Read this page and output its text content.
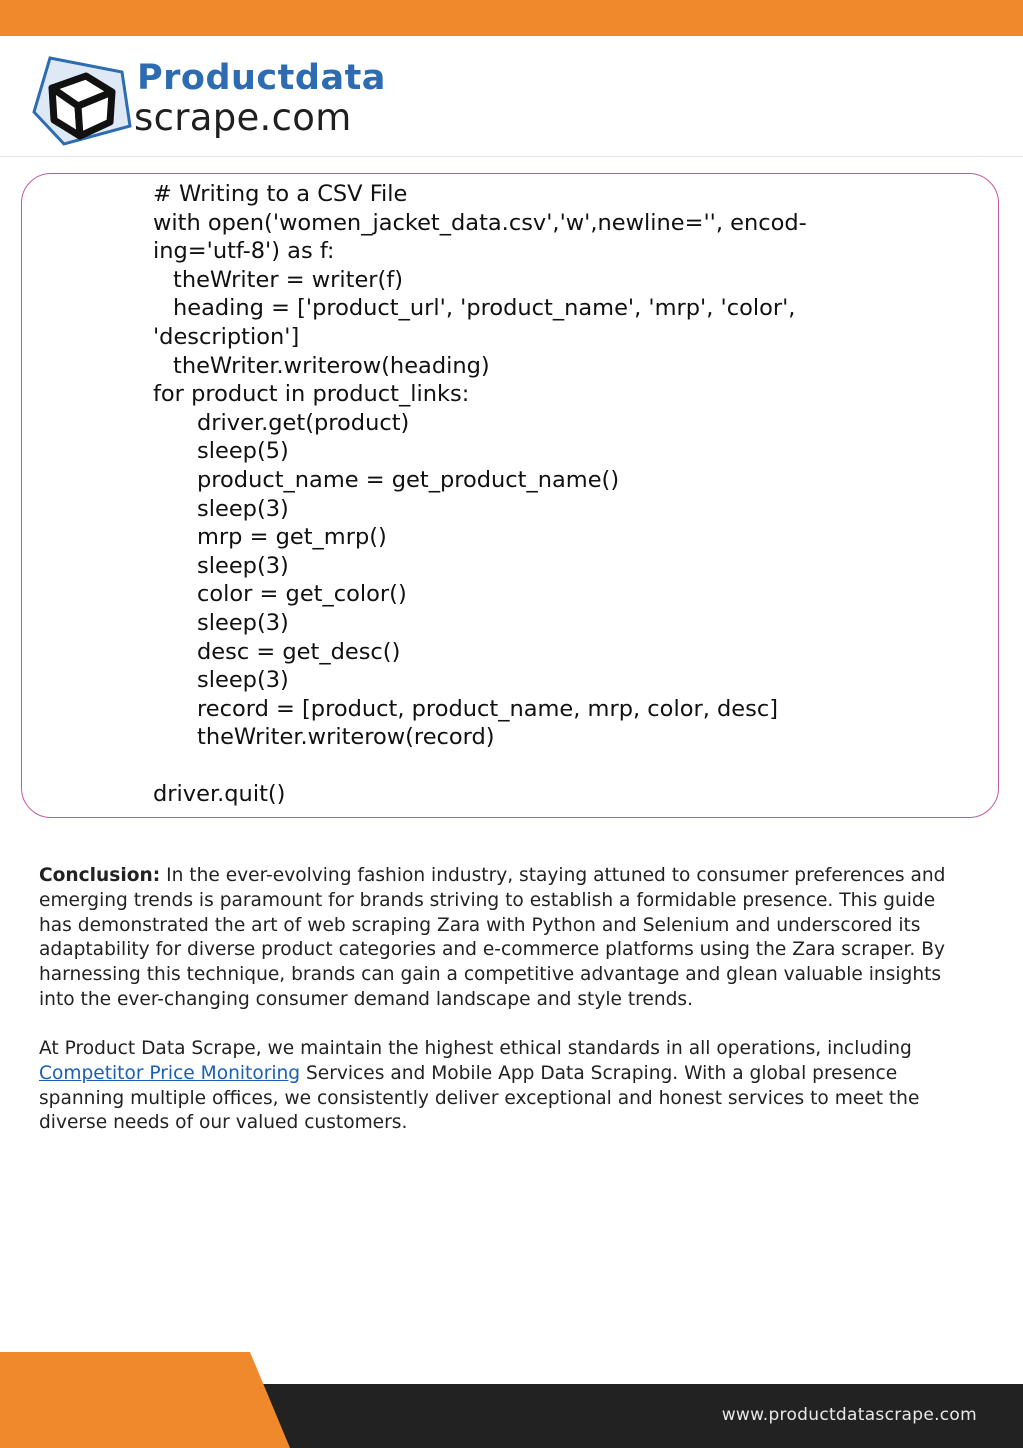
Productdata
scrape.com
# Writing to a CSV File
with open('women_jacket_data.csv','w',newline='', encod-
ing='utf-8') as f:
theWriter = writer(f)
heading = ['product_url', 'product_name', 'mrp', 'color',
'description']
theWriter.writerow(heading)
for product in product_links:
driver.get(product)
sleep(5)
product_name = get_product_name()
sleep(3)
mrp = get_mrp()
sleep(3)
color = get_color()
sleep(3)
desc = get_desc()
sleep(3)
record = [product, product_name, mrp, color, desc]
theWriter.writerow(record)
driver.quit()
Conclusion: In the ever-evolving fashion industry, staying attuned to consumer preferences and emerging trends is paramount for brands striving to establish a formidable presence. This guide has demonstrated the art of web scraping Zara with Python and Selenium and underscored its adaptability for diverse product categories and e-commerce platforms using the Zara scraper. By harnessing this technique, brands can gain a competitive advantage and glean valuable insights into the ever-changing consumer demand landscape and style trends.
At Product Data Scrape, we maintain the highest ethical standards in all operations, including Competitor Price Monitoring Services and Mobile App Data Scraping. With a global presence spanning multiple offices, we consistently deliver exceptional and honest services to meet the diverse needs of our valued customers.
www.productdatascrape.com
